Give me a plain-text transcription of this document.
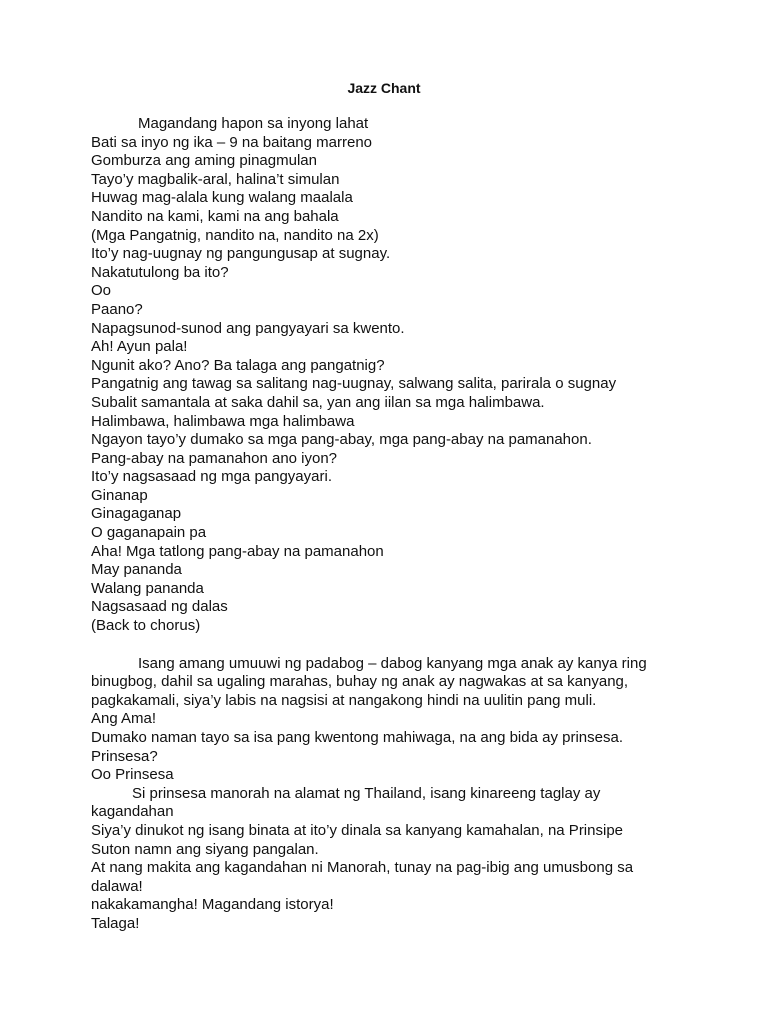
Jazz Chant
Magandang hapon sa inyong lahat
Bati sa inyo ng ika – 9 na baitang marreno
Gomburza ang aming pinagmulan
Tayo’y magbalik-aral, halina’t simulan
Huwag mag-alala kung walang maalala
Nandito na kami, kami na ang bahala
(Mga Pangatnig, nandito na, nandito na 2x)
Ito’y nag-uugnay ng pangungusap at sugnay.
Nakatutulong ba ito?
Oo
Paano?
Napagsunod-sunod ang pangyayari sa kwento.
Ah! Ayun pala!
Ngunit ako? Ano? Ba talaga ang pangatnig?
Pangatnig ang tawag sa salitang nag-uugnay, salwang salita, parirala o sugnay
Subalit samantala at saka dahil sa, yan ang iilan sa mga halimbawa.
Halimbawa, halimbawa mga halimbawa
Ngayon tayo’y dumako sa mga pang-abay, mga pang-abay na pamanahon.
Pang-abay na pamanahon ano iyon?
Ito’y nagsasaad ng mga pangyayari.
Ginanap
Ginagaganap
O gaganapain pa
Aha! Mga tatlong pang-abay na pamanahon
May pananda
Walang pananda
Nagsasaad ng dalas
(Back to chorus)
Isang amang umuuwi ng padabog – dabog kanyang mga anak ay kanya ring
binugbog, dahil sa ugaling marahas, buhay ng anak ay nagwakas at sa kanyang,
pagkakamali, siya’y labis na nagsisi at nangakong hindi na uulitin pang muli.
Ang Ama!
Dumako naman tayo sa isa pang kwentong mahiwaga, na ang bida ay prinsesa.
Prinsesa?
Oo Prinsesa
Si prinsesa manorah na alamat ng Thailand, isang kinareeng taglay ay
kagandahan
Siya’y dinukot ng isang binata at ito’y dinala sa kanyang kamahalan, na Prinsipe
Suton namn ang siyang pangalan.
At nang makita ang kagandahan ni Manorah, tunay na pag-ibig ang umusbong sa
dalawa!
nakakamangha! Magandang istorya!
Talaga!
